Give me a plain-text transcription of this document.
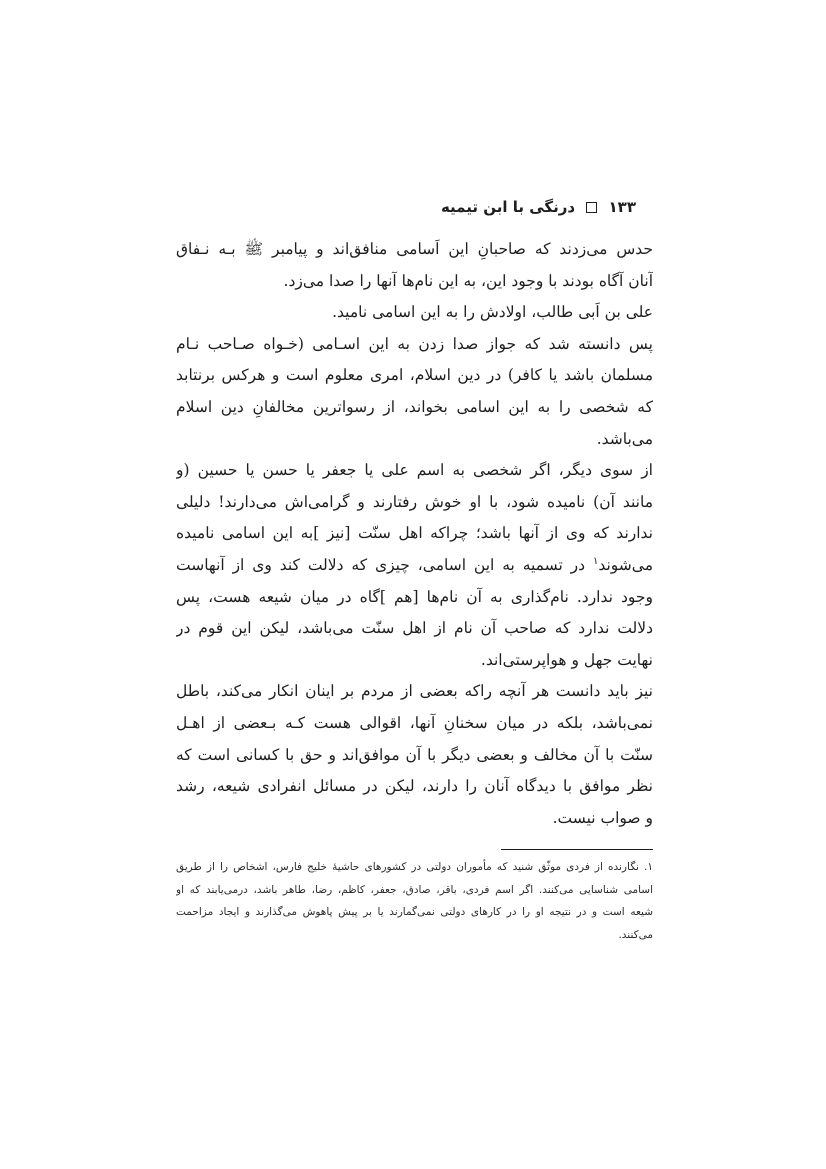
۱۳۳  درنگی با ابن تیمیه
حدس می‌زدند که صاحبانِ این اَسامی منافق‌اند و پیامبر ﷺ بـه نـفاق
آنان آگاه بودند با وجود این، به این نام‌ها آنها را صدا می‌زد.
علی بن اَبی طالب، اولادش را به این اسامی نامید.
پس دانسته شد که جواز صدا زدن به این اسـامی (خـواه صـاحب نـام
مسلمان باشد یا کافر) در دین اسلام، امری معلوم است و هرکس برنتابد
که شخصی را به این اسامی بخواند، از رسواترین مخالفانِ دین اسلام
می‌باشد.
از سوی دیگر، اگر شخصی به اسم علی یا جعفر یا حسن یا حسین (و
مانند آن) نامیده شود، با او خوش رفتارند و گرامی‌اش می‌دارند! دلیلی
ندارند که وی از آنها باشد؛ چراکه اهل سنّت [نیز ]به این اسامی نامیده
می‌شوند$^۱$ در تسمیه به این اسامی، چیزی که دلالت کند وی از آنهاست
وجود ندارد. نام‌گذاری به آن نام‌ها [هم ]گاه در میان شیعه هست، پس
دلالت ندارد که صاحب آن نام از اهل سنّت می‌باشد، لیکن این قوم در
نهایت جهل و هواپرستی‌اند.
نیز باید دانست هر آنچه راکه بعضی از مردم بر اینان انکار می‌کند، باطل
نمی‌باشد، بلکه در میان سخنانِ آنها، اقوالی هست کـه بـعضی از اهـل
سنّت با آن مخالف و بعضی دیگر با آن موافق‌اند و حق با کسانی است که
نظر موافق با دیدگاه آنان را دارند، لیکن در مسائل انفرادی شیعه، رشد
و صواب نیست.
۱. نگارنده از فردی موثّق شنید که مأموران دولتی در کشورهای حاشیهٔ خلیج فارس، اشخاص را از طریق
اسامی شناسایی می‌کنند. اگر اسم فردی، باقر، صادق، جعفر، کاظم، رضا، طاهر باشد، درمی‌یابند که او
شیعه است و در نتیجه او را در کارهای دولتی نمی‌گمارند یا بر پیش پاهوش می‌گذارند و ایجاد مزاحمت
می‌کنند.
